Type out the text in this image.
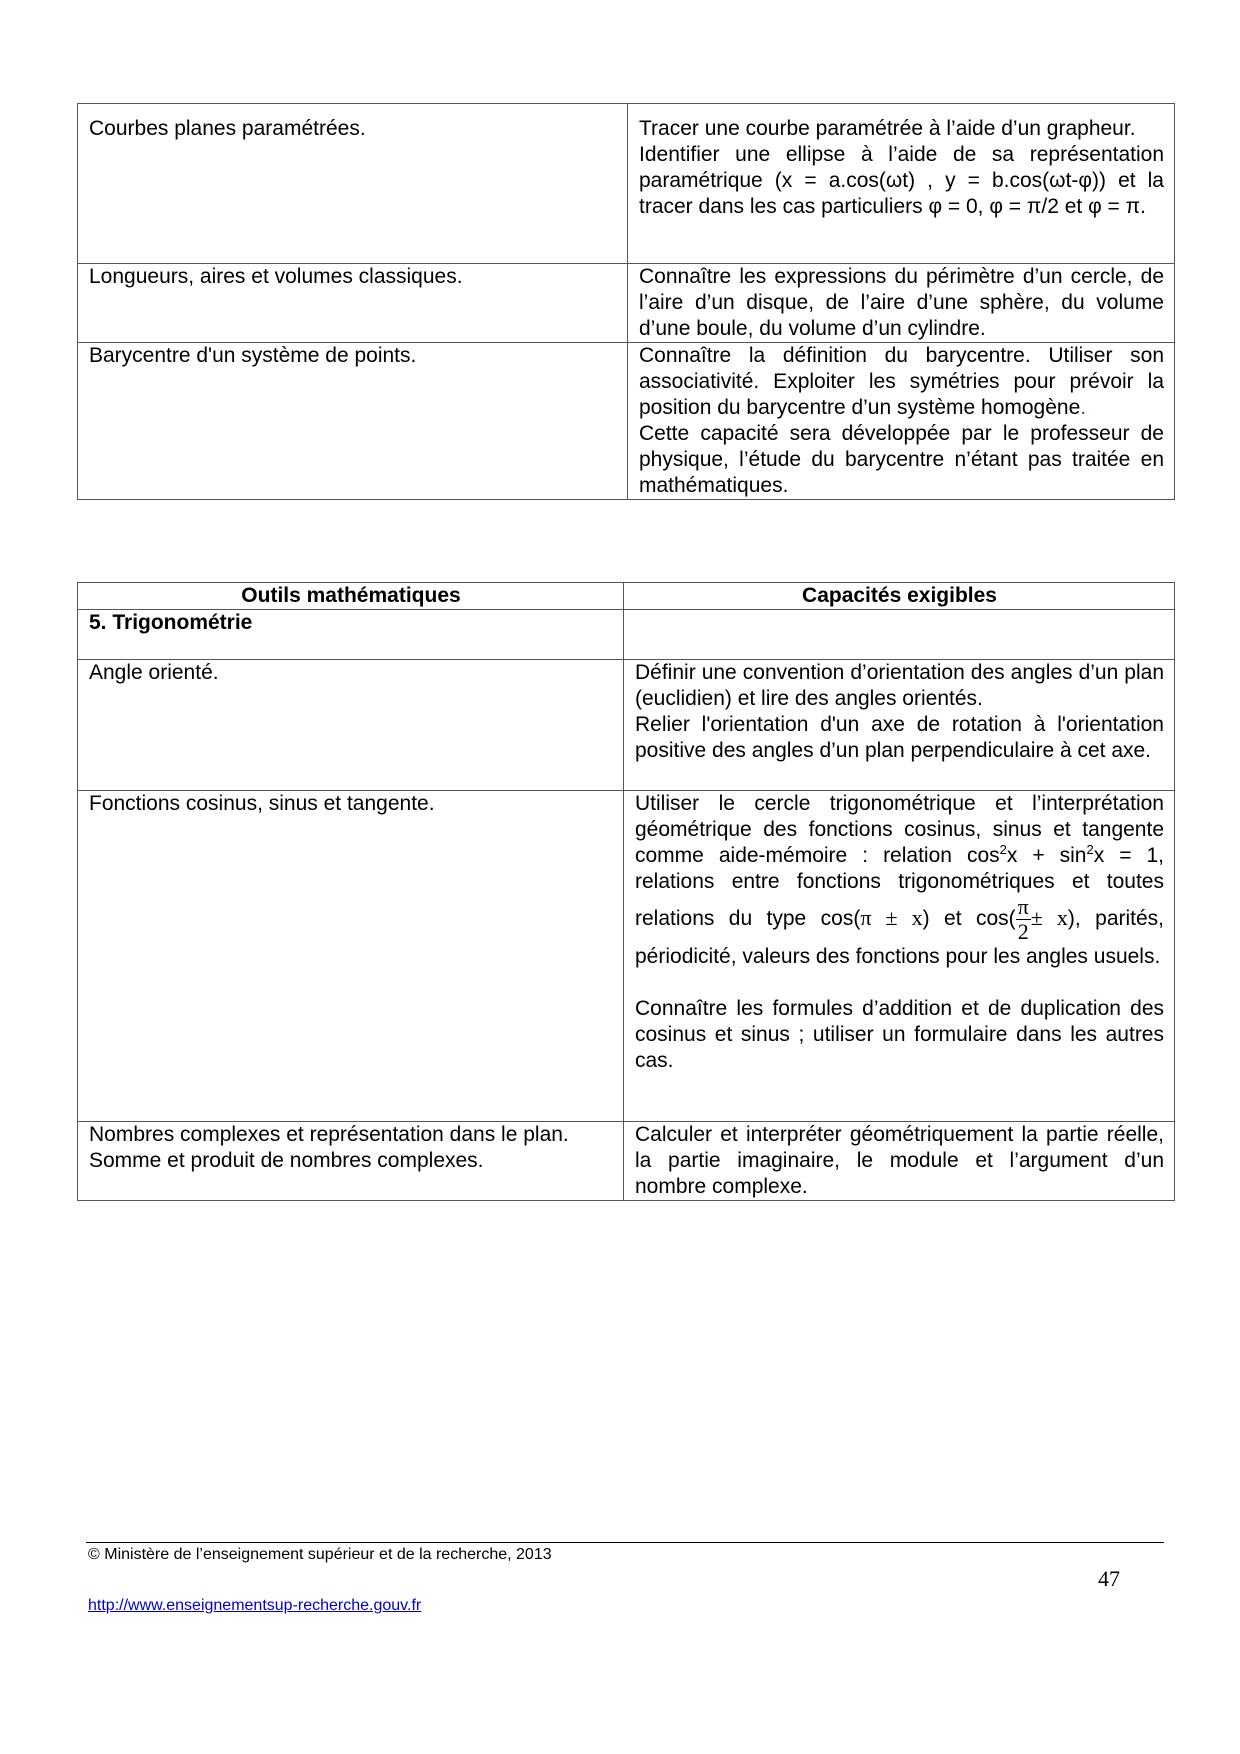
Courbes planes paramétrées.	Tracer une courbe paramétrée à l’aide d’un grapheur.
Identifier une ellipse à l’aide de sa représentation paramétrique (x = a.cos(ωt) , y = b.cos(ωt-φ)) et la tracer dans les cas particuliers φ = 0, φ = π/2 et φ = π.

Longueurs, aires et volumes classiques.	Connaître les expressions du périmètre d’un cercle, de l’aire d’un disque, de l’aire d’une sphère, du volume d’une boule, du volume d’un cylindre.

Barycentre d'un système de points.	Connaître la définition du barycentre. Utiliser son associativité. Exploiter les symétries pour prévoir la position du barycentre d’un système homogène.
Cette capacité sera développée par le professeur de physique, l’étude du barycentre n’étant pas traitée en mathématiques.
Outils mathématiques	Capacités exigibles
5. Trigonométrie	
Angle orienté.	Définir une convention d’orientation des angles d’un plan (euclidien) et lire des angles orientés.
Relier l'orientation d'un axe de rotation à l'orientation positive des angles d’un plan perpendiculaire à cet axe.

Fonctions cosinus, sinus et tangente.	Utiliser le cercle trigonométrique et l’interprétation géométrique des fonctions cosinus, sinus et tangente comme aide-mémoire : relation $\cos^2x + \sin^2x = 1$, relations entre fonctions trigonométriques et toutes relations du type cos(π ± x) et $\cos( \frac{\pi}{2} \pm x)$, parités, périodicité, valeurs des fonctions pour les angles usuels.
Connaître les formules d’addition et de duplication des cosinus et sinus ; utiliser un formulaire dans les autres cas.

Nombres complexes et représentation dans le plan.
Somme et produit de nombres complexes.	Calculer et interpréter géométriquement la partie réelle, la partie imaginaire, le module et l’argument d’un nombre complexe.
© Ministère de l’enseignement supérieur et de la recherche, 2013
47
http://www.enseignementsup-recherche.gouv.fr
